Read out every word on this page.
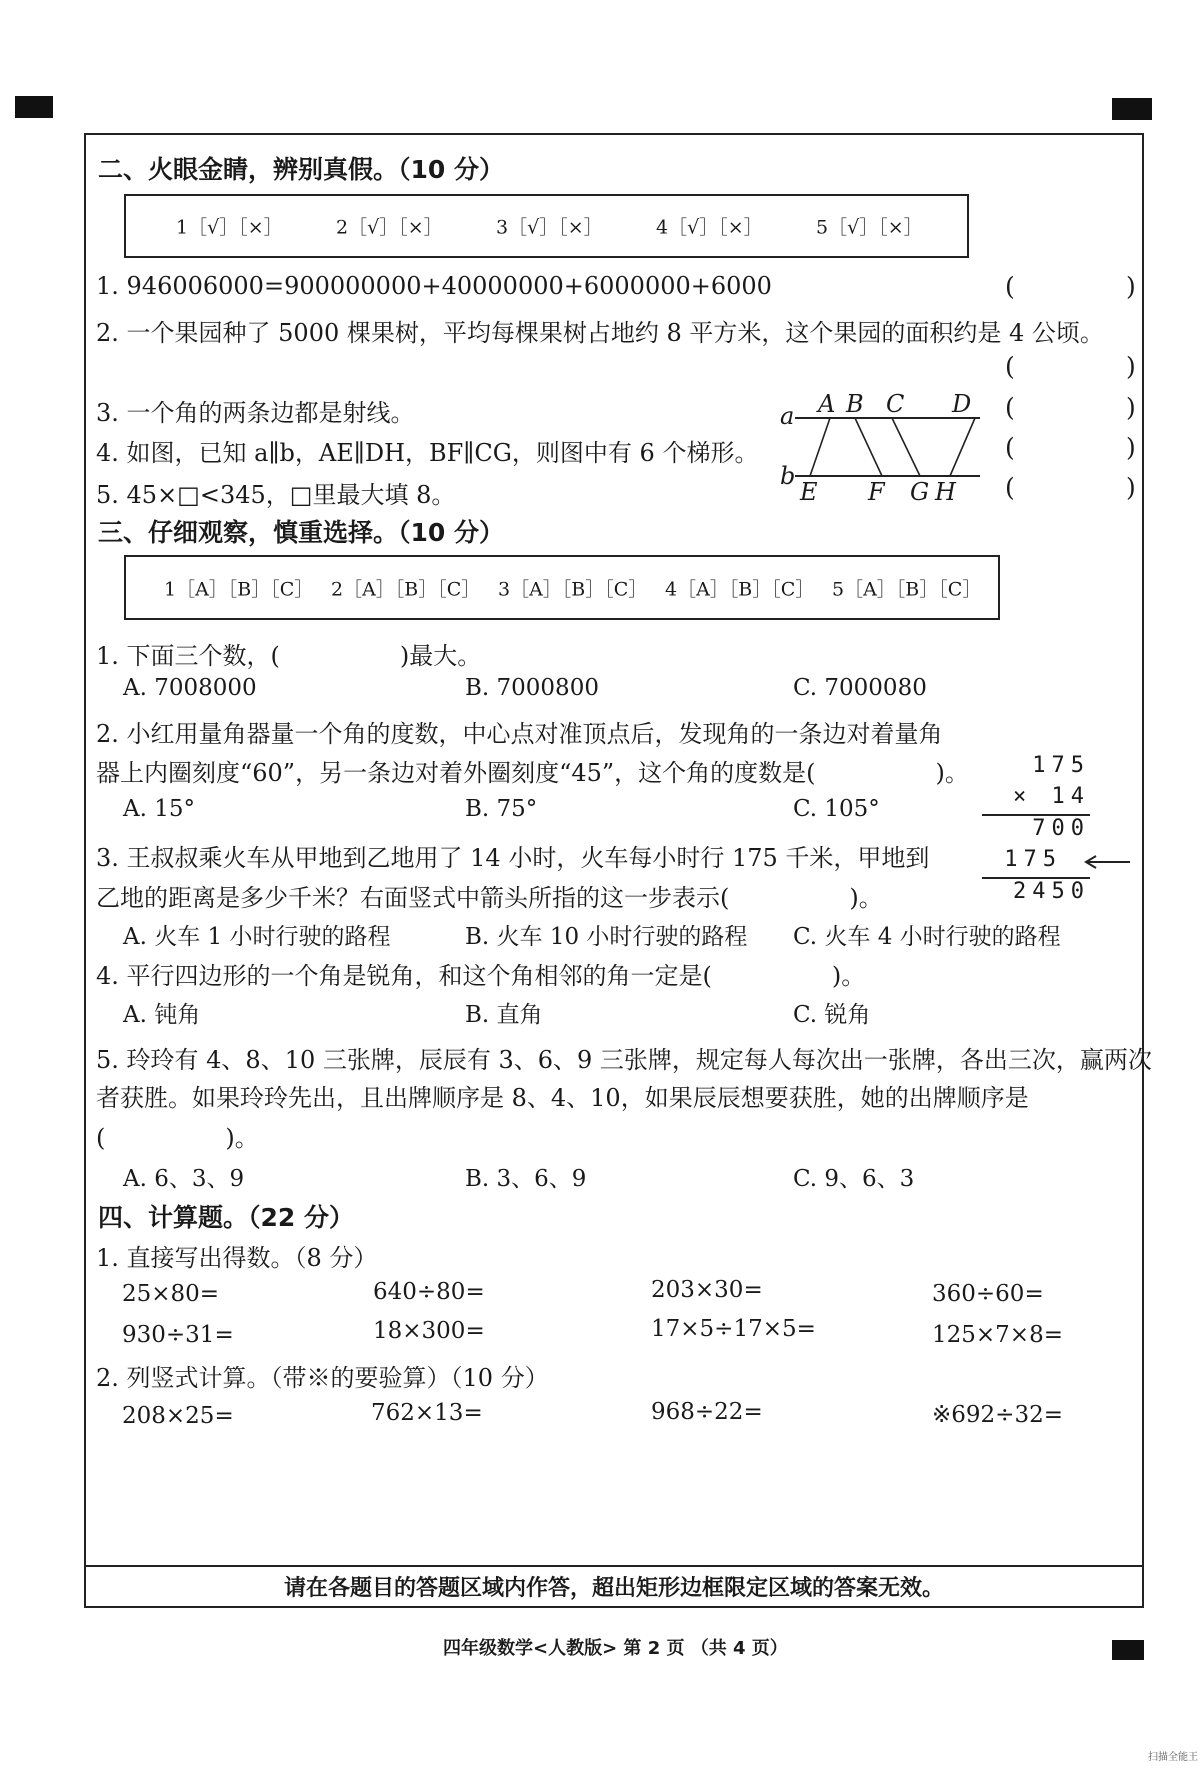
二、火眼金睛，辨别真假。（10 分）
1［√］［×］	2［√］［×］	3［√］［×］	4［√］［×］	5［√］［×］
1. 946006000=900000000+40000000+6000000+6000
2. 一个果园种了 5000 棵果树，平均每棵果树占地约 8 平方米，这个果园的面积约是 4 公顷。
3. 一个角的两条边都是射线。
4. 如图，已知 a∥b，AE∥DH，BF∥CG，则图中有 6 个梯形。
5. 45×□<345，□里最大填 8。
(	)
(	)
(	)
(	)
(	)
a
b
A B C D
E F G H
三、仔细观察，慎重选择。（10 分）
1［A］［B］［C］ 2［A］［B］［C］ 3［A］［B］［C］ 4［A］［B］［C］ 5［A］［B］［C］
1. 下面三个数，(	)最大。
A. 7008000	B. 7000800	C. 7000080
2. 小红用量角器量一个角的度数，中心点对准顶点后，发现角的一条边对着量角
器上内圈刻度“60”，另一条边对着外圈刻度“45”，这个角的度数是(	)。
A. 15°	B. 75°	C. 105°
175
× 14
700
175
2450
3. 王叔叔乘火车从甲地到乙地用了 14 小时，火车每小时行 175 千米，甲地到
乙地的距离是多少千米？右面竖式中箭头所指的这一步表示(	)。
A. 火车 1 小时行驶的路程	B. 火车 10 小时行驶的路程 C. 火车 4 小时行驶的路程
4. 平行四边形的一个角是锐角，和这个角相邻的角一定是(	)。
A. 钝角	B. 直角	C. 锐角
5. 玲玲有 4、8、10 三张牌，辰辰有 3、6、9 三张牌，规定每人每次出一张牌，各出三次，赢两次
者获胜。如果玲玲先出，且出牌顺序是 8、4、10，如果辰辰想要获胜，她的出牌顺序是
(	)。
A. 6、3、9	B. 3、6、9	C. 9、6、3
四、计算题。（22 分）
1. 直接写出得数。（8 分）
25×80=	640÷80=	203×30=	360÷60=
930÷31=	18×300=	17×5÷17×5=	125×7×8=
2. 列竖式计算。（带※的要验算）（10 分）
208×25=	762×13=	968÷22=	※692÷32=
请在各题目的答题区域内作答，超出矩形边框限定区域的答案无效。
四年级数学<人教版> 第 2 页 （共 4 页）
扫描全能王
